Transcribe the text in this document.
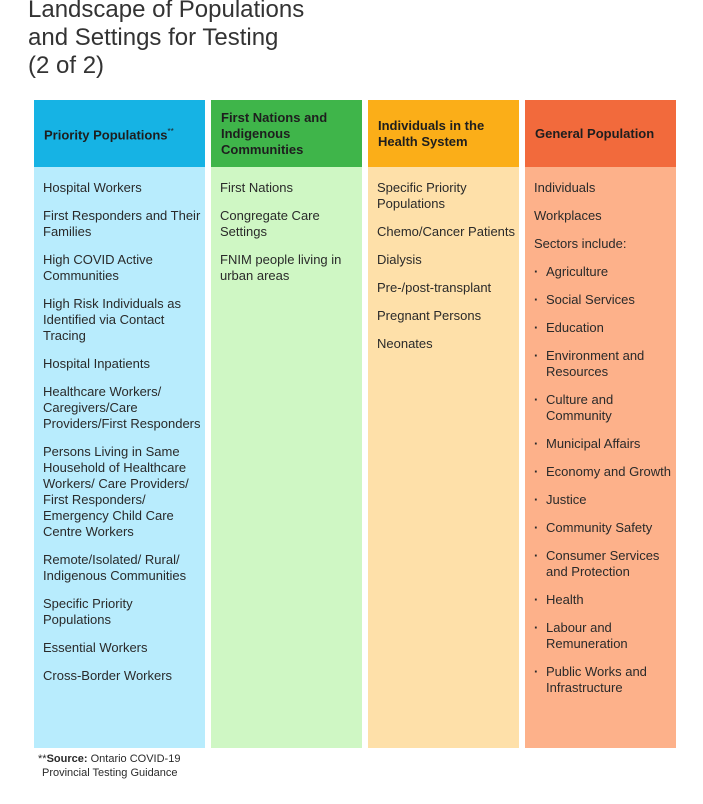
Landscape of Populations
and Settings for Testing
(2 of 2)
Priority Populations**
Hospital Workers
First Responders and Their Families
High COVID Active Communities
High Risk Individuals as Identified via Contact Tracing
Hospital Inpatients
Healthcare Workers/ Caregivers/Care Providers/First Responders
Persons Living in Same Household of Healthcare Workers/ Care Providers/ First Responders/ Emergency Child Care Centre Workers
Remote/Isolated/ Rural/ Indigenous Communities
Specific Priority Populations
Essential Workers
Cross-Border Workers
First Nations and Indigenous Communities
First Nations
Congregate Care Settings
FNIM people living in urban areas
Individuals in the Health System
Specific Priority Populations
Chemo/Cancer Patients
Dialysis
Pre-/post-transplant
Pregnant Persons
Neonates
General Population
Individuals
Workplaces
Sectors include:
· Agriculture
· Social Services
· Education
· Environment and Resources
· Culture and Community
· Municipal Affairs
· Economy and Growth
· Justice
· Community Safety
· Consumer Services and Protection
· Health
· Labour and Remuneration
· Public Works and Infrastructure
**Source: Ontario COVID-19
Provincial Testing Guidance
